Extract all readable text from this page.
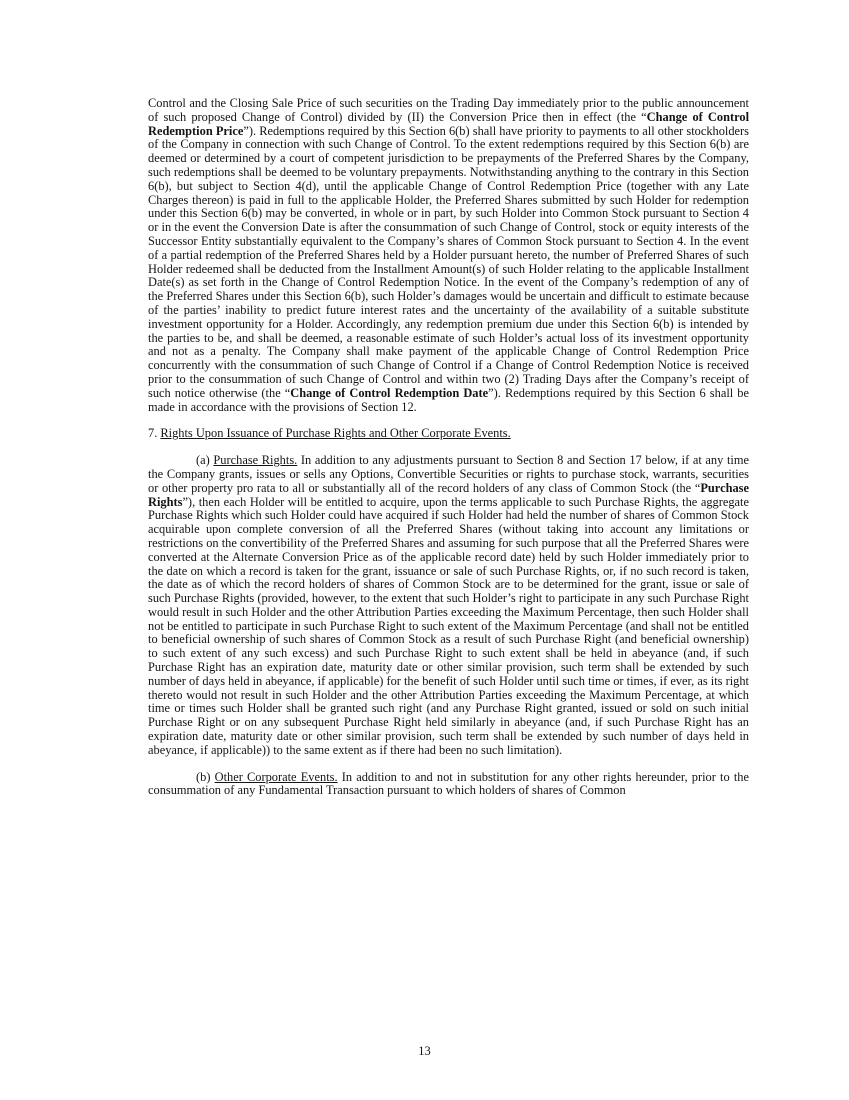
Control and the Closing Sale Price of such securities on the Trading Day immediately prior to the public announcement of such proposed Change of Control) divided by (II) the Conversion Price then in effect (the “Change of Control Redemption Price”). Redemptions required by this Section 6(b) shall have priority to payments to all other stockholders of the Company in connection with such Change of Control. To the extent redemptions required by this Section 6(b) are deemed or determined by a court of competent jurisdiction to be prepayments of the Preferred Shares by the Company, such redemptions shall be deemed to be voluntary prepayments. Notwithstanding anything to the contrary in this Section 6(b), but subject to Section 4(d), until the applicable Change of Control Redemption Price (together with any Late Charges thereon) is paid in full to the applicable Holder, the Preferred Shares submitted by such Holder for redemption under this Section 6(b) may be converted, in whole or in part, by such Holder into Common Stock pursuant to Section 4 or in the event the Conversion Date is after the consummation of such Change of Control, stock or equity interests of the Successor Entity substantially equivalent to the Company’s shares of Common Stock pursuant to Section 4. In the event of a partial redemption of the Preferred Shares held by a Holder pursuant hereto, the number of Preferred Shares of such Holder redeemed shall be deducted from the Installment Amount(s) of such Holder relating to the applicable Installment Date(s) as set forth in the Change of Control Redemption Notice. In the event of the Company’s redemption of any of the Preferred Shares under this Section 6(b), such Holder’s damages would be uncertain and difficult to estimate because of the parties’ inability to predict future interest rates and the uncertainty of the availability of a suitable substitute investment opportunity for a Holder. Accordingly, any redemption premium due under this Section 6(b) is intended by the parties to be, and shall be deemed, a reasonable estimate of such Holder’s actual loss of its investment opportunity and not as a penalty. The Company shall make payment of the applicable Change of Control Redemption Price concurrently with the consummation of such Change of Control if a Change of Control Redemption Notice is received prior to the consummation of such Change of Control and within two (2) Trading Days after the Company’s receipt of such notice otherwise (the “Change of Control Redemption Date”). Redemptions required by this Section 6 shall be made in accordance with the provisions of Section 12.

7. Rights Upon Issuance of Purchase Rights and Other Corporate Events.

(a) Purchase Rights. In addition to any adjustments pursuant to Section 8 and Section 17 below, if at any time the Company grants, issues or sells any Options, Convertible Securities or rights to purchase stock, warrants, securities or other property pro rata to all or substantially all of the record holders of any class of Common Stock (the “Purchase Rights”), then each Holder will be entitled to acquire, upon the terms applicable to such Purchase Rights, the aggregate Purchase Rights which such Holder could have acquired if such Holder had held the number of shares of Common Stock acquirable upon complete conversion of all the Preferred Shares (without taking into account any limitations or restrictions on the convertibility of the Preferred Shares and assuming for such purpose that all the Preferred Shares were converted at the Alternate Conversion Price as of the applicable record date) held by such Holder immediately prior to the date on which a record is taken for the grant, issuance or sale of such Purchase Rights, or, if no such record is taken, the date as of which the record holders of shares of Common Stock are to be determined for the grant, issue or sale of such Purchase Rights (provided, however, to the extent that such Holder’s right to participate in any such Purchase Right would result in such Holder and the other Attribution Parties exceeding the Maximum Percentage, then such Holder shall not be entitled to participate in such Purchase Right to such extent of the Maximum Percentage (and shall not be entitled to beneficial ownership of such shares of Common Stock as a result of such Purchase Right (and beneficial ownership) to such extent of any such excess) and such Purchase Right to such extent shall be held in abeyance (and, if such Purchase Right has an expiration date, maturity date or other similar provision, such term shall be extended by such number of days held in abeyance, if applicable) for the benefit of such Holder until such time or times, if ever, as its right thereto would not result in such Holder and the other Attribution Parties exceeding the Maximum Percentage, at which time or times such Holder shall be granted such right (and any Purchase Right granted, issued or sold on such initial Purchase Right or on any subsequent Purchase Right held similarly in abeyance (and, if such Purchase Right has an expiration date, maturity date or other similar provision, such term shall be extended by such number of days held in abeyance, if applicable)) to the same extent as if there had been no such limitation).

(b) Other Corporate Events. In addition to and not in substitution for any other rights hereunder, prior to the consummation of any Fundamental Transaction pursuant to which holders of shares of Common

13
